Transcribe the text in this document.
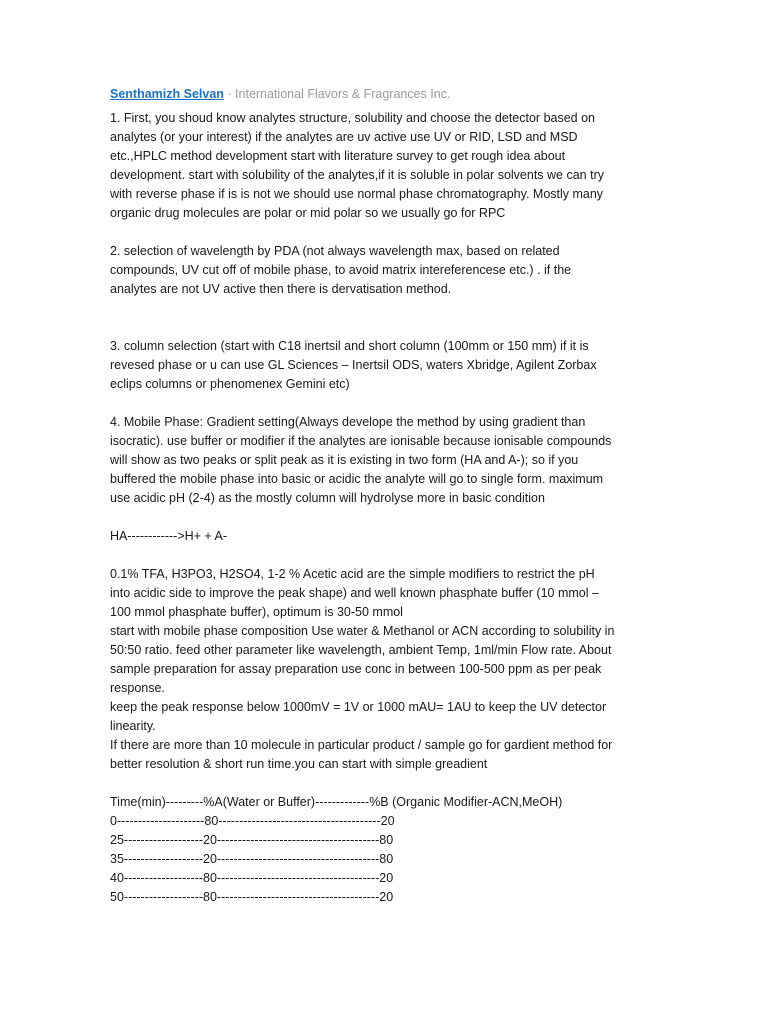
Senthamizh Selvan · International Flavors & Fragrances Inc.

1. First, you shoud know analytes structure, solubility and choose the detector based on
analytes (or your interest) if the analytes are uv active use UV or RID, LSD and MSD
etc.,HPLC method development start with literature survey to get rough idea about
development. start with solubility of the analytes,if it is soluble in polar solvents we can try
with reverse phase if is is not we should use normal phase chromatography. Mostly many
organic drug molecules are polar or mid polar so we usually go for RPC

2. selection of wavelength by PDA (not always wavelength max, based on related
compounds, UV cut off of mobile phase, to avoid matrix intereferencese etc.) . if the
analytes are not UV active then there is dervatisation method.

3. column selection (start with C18 inertsil and short column (100mm or 150 mm) if it is
revesed phase or u can use GL Sciences – Inertsil ODS, waters Xbridge, Agilent Zorbax
eclips columns or phenomenex Gemini etc)

4. Mobile Phase: Gradient setting(Always develope the method by using gradient than
isocratic). use buffer or modifier if the analytes are ionisable because ionisable compounds
will show as two peaks or split peak as it is existing in two form (HA and A-); so if you
buffered the mobile phase into basic or acidic the analyte will go to single form. maximum
use acidic pH (2-4) as the mostly column will hydrolyse more in basic condition

HA------------>H+ + A-

0.1% TFA, H3PO3, H2SO4, 1-2 % Acetic acid are the simple modifiers to restrict the pH
into acidic side to improve the peak shape) and well known phasphate buffer (10 mmol –
100 mmol phasphate buffer), optimum is 30-50 mmol
start with mobile phase composition Use water & Methanol or ACN according to solubility in
50:50 ratio. feed other parameter like wavelength, ambient Temp, 1ml/min Flow rate. About
sample preparation for assay preparation use conc in between 100-500 ppm as per peak
response.
keep the peak response below 1000mV = 1V or 1000 mAU= 1AU to keep the UV detector
linearity.
If there are more than 10 molecule in particular product / sample go for gardient method for
better resolution & short run time.you can start with simple greadient

Time(min)---------%A(Water or Buffer)-------------%B (Organic Modifier-ACN,MeOH)

0---------------------80---------------------------------------20

25-------------------20---------------------------------------80

35-------------------20---------------------------------------80

40-------------------80---------------------------------------20

50-------------------80---------------------------------------20
